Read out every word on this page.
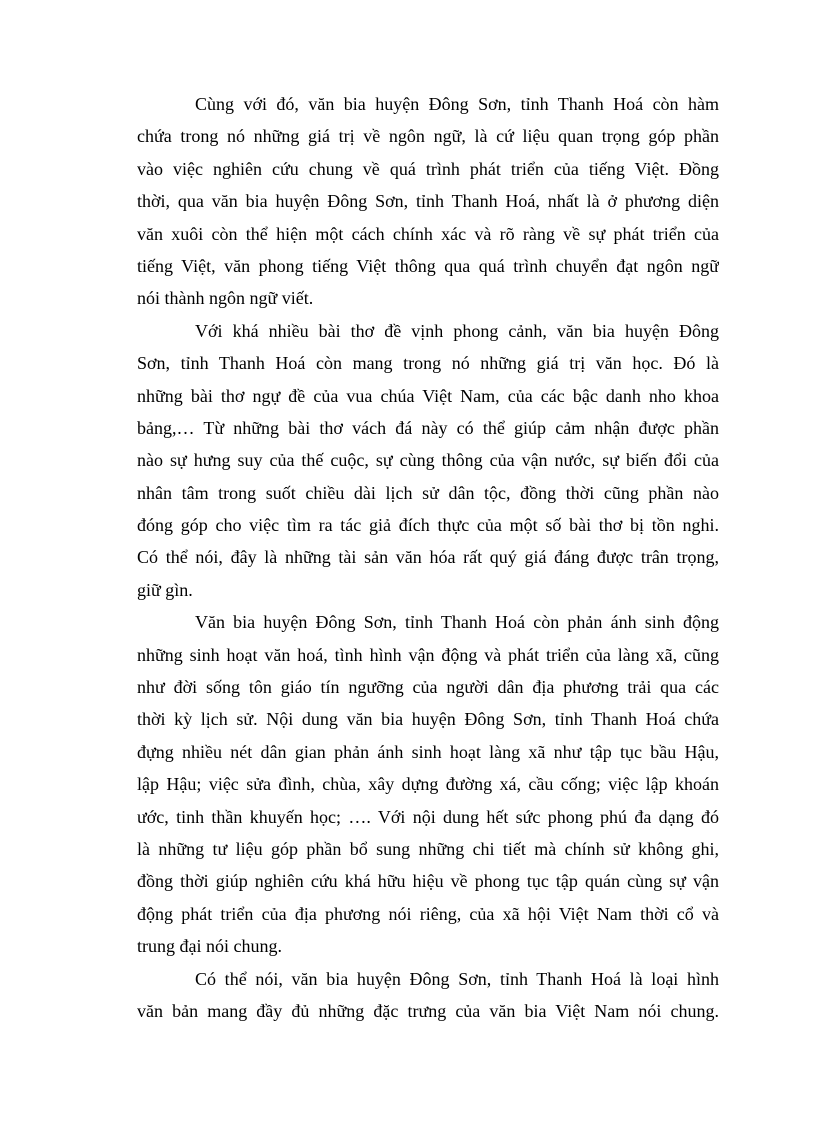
Cùng với đó, văn bia huyện Đông Sơn, tỉnh Thanh Hoá còn hàm
chứa trong nó những giá trị về ngôn ngữ, là cứ liệu quan trọng góp phần
vào việc nghiên cứu chung về quá trình phát triển của tiếng Việt. Đồng
thời, qua văn bia huyện Đông Sơn, tỉnh Thanh Hoá, nhất là ở phương diện
văn xuôi còn thể hiện một cách chính xác và rõ ràng về sự phát triển của
tiếng Việt, văn phong tiếng Việt thông qua quá trình chuyển đạt ngôn ngữ
nói thành ngôn ngữ viết.
Với khá nhiều bài thơ đề vịnh phong cảnh, văn bia huyện Đông
Sơn, tỉnh Thanh Hoá còn mang trong nó những giá trị văn học. Đó là
những bài thơ ngự đề của vua chúa Việt Nam, của các bậc danh nho khoa
bảng,… Từ những bài thơ vách đá này có thể giúp cảm nhận được phần
nào sự hưng suy của thế cuộc, sự cùng thông của vận nước, sự biến đổi của
nhân tâm trong suốt chiều dài lịch sử dân tộc, đồng thời cũng phần nào
đóng góp cho việc tìm ra tác giả đích thực của một số bài thơ bị tồn nghi.
Có thể nói, đây là những tài sản văn hóa rất quý giá đáng được trân trọng,
giữ gìn.
Văn bia huyện Đông Sơn, tỉnh Thanh Hoá còn phản ánh sinh động
những sinh hoạt văn hoá, tình hình vận động và phát triển của làng xã, cũng
như đời sống tôn giáo tín ngưỡng của người dân địa phương trải qua các
thời kỳ lịch sử. Nội dung văn bia huyện Đông Sơn, tỉnh Thanh Hoá chứa
đựng nhiều nét dân gian phản ánh sinh hoạt làng xã như tập tục bầu Hậu,
lập Hậu; việc sửa đình, chùa, xây dựng đường xá, cầu cống; việc lập khoán
ước, tinh thần khuyến học; …. Với nội dung hết sức phong phú đa dạng đó
là những tư liệu góp phần bổ sung những chi tiết mà chính sử không ghi,
đồng thời giúp nghiên cứu khá hữu hiệu về phong tục tập quán cùng sự vận
động phát triển của địa phương nói riêng, của xã hội Việt Nam thời cổ và
trung đại nói chung.
Có thể nói, văn bia huyện Đông Sơn, tỉnh Thanh Hoá là loại hình
văn bản mang đầy đủ những đặc trưng của văn bia Việt Nam nói chung.
